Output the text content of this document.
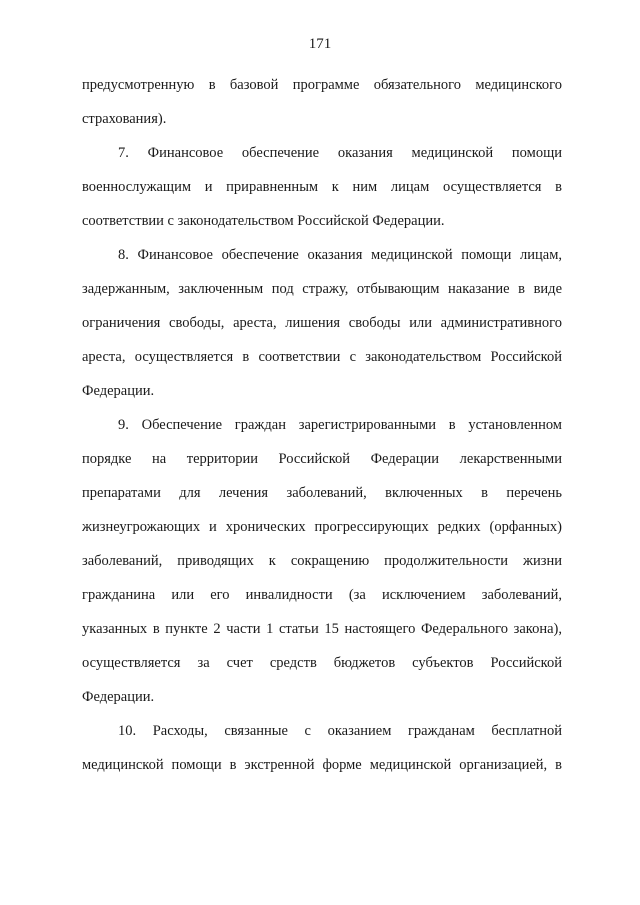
171
предусмотренную в базовой программе обязательного медицинского
страхования).
7. Финансовое обеспечение оказания медицинской помощи
военнослужащим и приравненным к ним лицам осуществляется в
соответствии с законодательством Российской Федерации.
8. Финансовое обеспечение оказания медицинской помощи лицам,
задержанным, заключенным под стражу, отбывающим наказание в виде
ограничения свободы, ареста, лишения свободы или административного
ареста, осуществляется в соответствии с законодательством Российской
Федерации.
9. Обеспечение граждан зарегистрированными в установленном
порядке на территории Российской Федерации лекарственными
препаратами для лечения заболеваний, включенных в перечень
жизнеугрожающих и хронических прогрессирующих редких (орфанных)
заболеваний, приводящих к сокращению продолжительности жизни
гражданина или его инвалидности (за исключением заболеваний,
указанных в пункте 2 части 1 статьи 15 настоящего Федерального закона),
осуществляется за счет средств бюджетов субъектов Российской
Федерации.
10. Расходы, связанные с оказанием гражданам бесплатной
медицинской помощи в экстренной форме медицинской организацией, в
